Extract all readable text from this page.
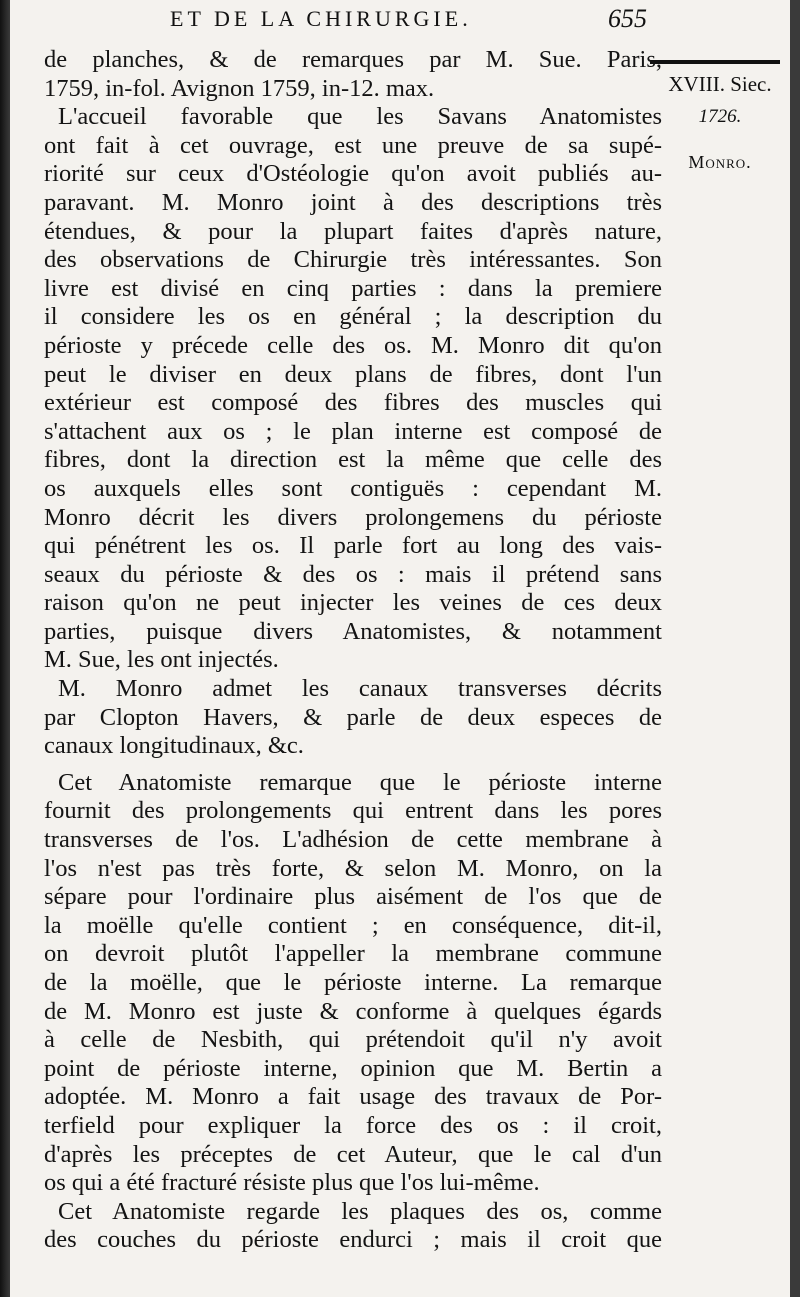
ET DE LA CHIRURGIE.	655
XVIII. Siec.
1726.
Monro.
de planches, & de remarques par M. Sue. Paris,
1759, in-fol. Avignon 1759, in-12. max.
L'accueil favorable que les Savans Anatomistes
ont fait à cet ouvrage, est une preuve de sa supé-
riorité sur ceux d'Ostéologie qu'on avoit publiés au-
paravant. M. Monro joint à des descriptions très
étendues, & pour la plupart faites d'après nature,
des observations de Chirurgie très intéressantes. Son
livre est divisé en cinq parties : dans la premiere
il considere les os en général ; la description du
périoste y précede celle des os. M. Monro dit qu'on
peut le diviser en deux plans de fibres, dont l'un
extérieur est composé des fibres des muscles qui
s'attachent aux os ; le plan interne est composé de
fibres, dont la direction est la même que celle des
os auxquels elles sont contiguës : cependant M.
Monro décrit les divers prolongemens du périoste
qui pénétrent les os. Il parle fort au long des vais-
seaux du périoste & des os : mais il prétend sans
raison qu'on ne peut injecter les veines de ces deux
parties, puisque divers Anatomistes, & notamment
M. Sue, les ont injectés.
M. Monro admet les canaux transverses décrits
par Clopton Havers, & parle de deux especes de
canaux longitudinaux, &c.
Cet Anatomiste remarque que le périoste interne
fournit des prolongements qui entrent dans les pores
transverses de l'os. L'adhésion de cette membrane à
l'os n'est pas très forte, & selon M. Monro, on la
sépare pour l'ordinaire plus aisément de l'os que de
la moëlle qu'elle contient ; en conséquence, dit-il,
on devroit plutôt l'appeller la membrane commune
de la moëlle, que le périoste interne. La remarque
de M. Monro est juste & conforme à quelques égards
à celle de Nesbith, qui prétendoit qu'il n'y avoit
point de périoste interne, opinion que M. Bertin a
adoptée. M. Monro a fait usage des travaux de Por-
terfield pour expliquer la force des os : il croit,
d'après les préceptes de cet Auteur, que le cal d'un
os qui a été fracturé résiste plus que l'os lui-même.
Cet Anatomiste regarde les plaques des os, comme
des couches du périoste endurci ; mais il croit que
